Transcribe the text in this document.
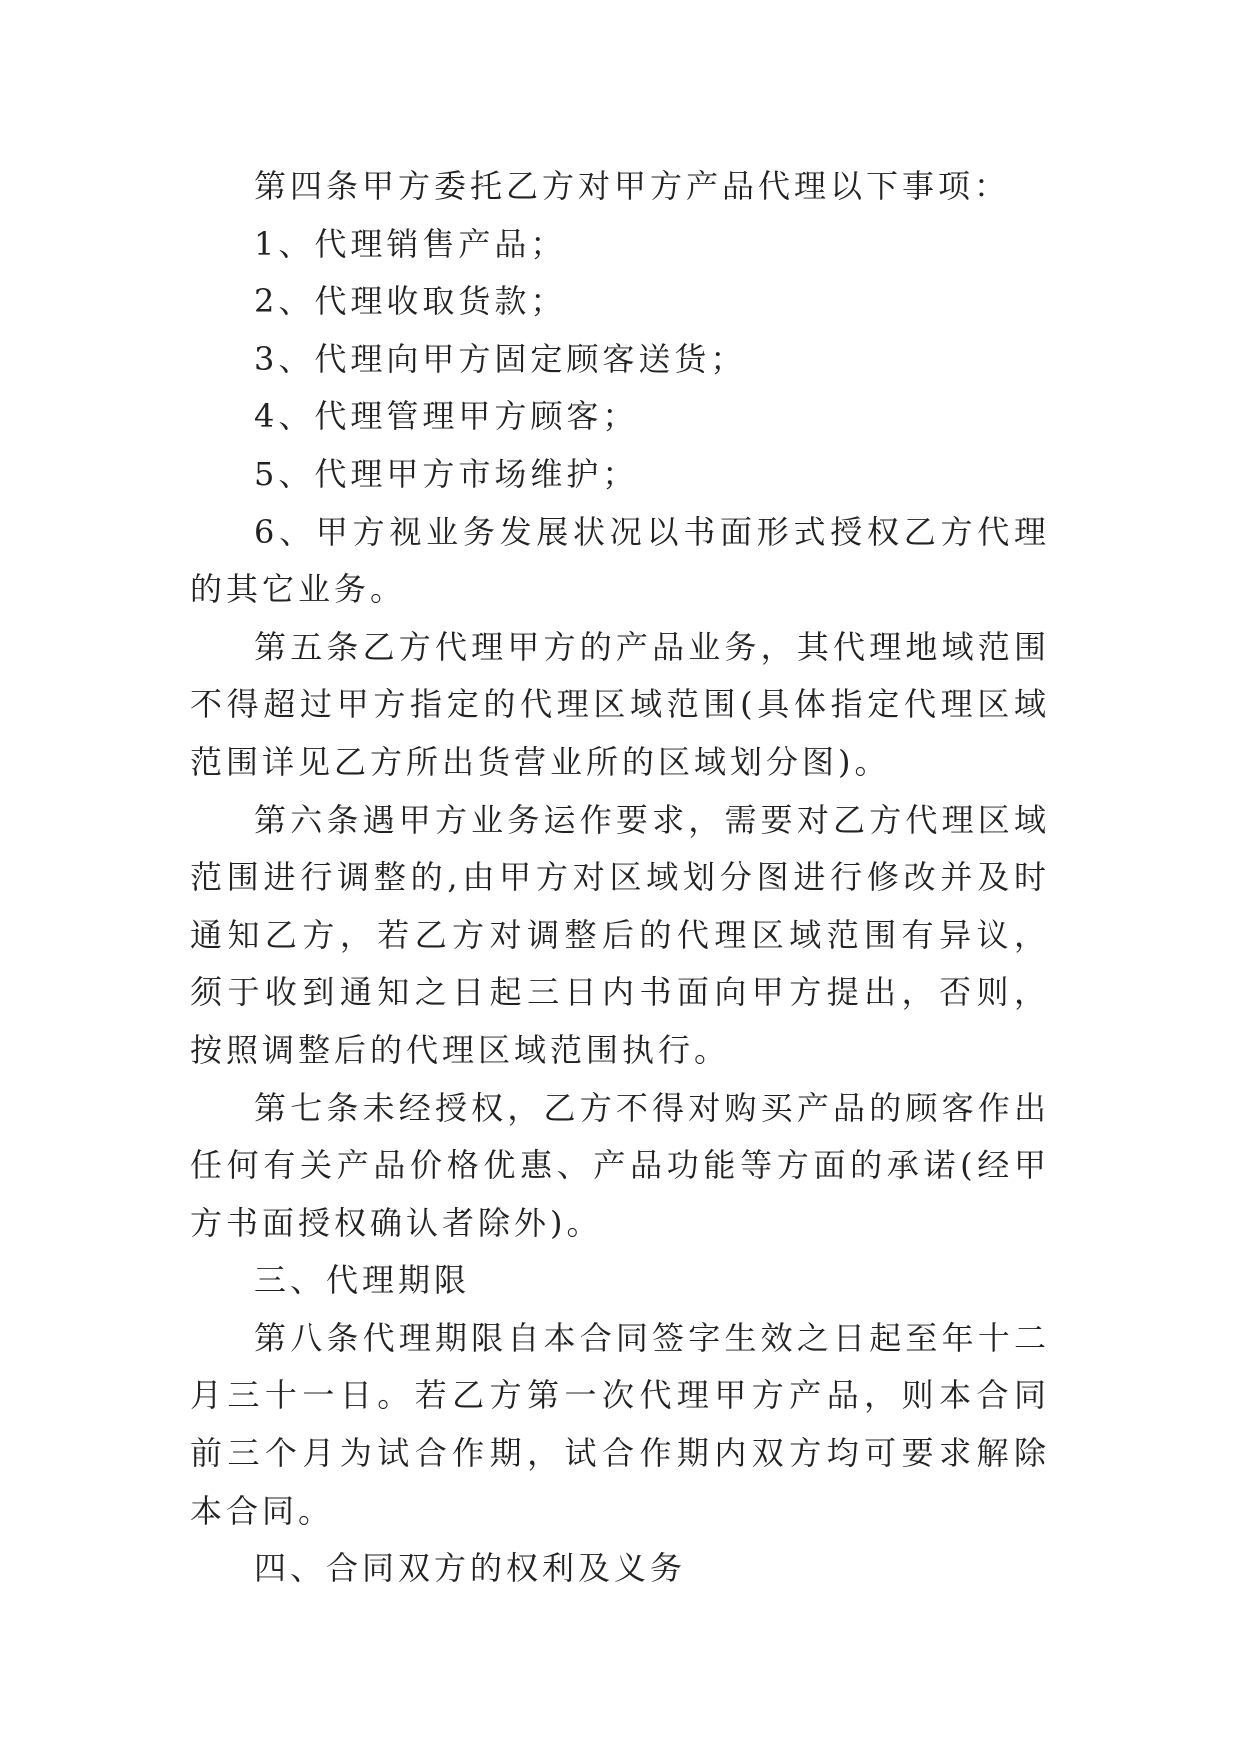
第四条甲方委托乙方对甲方产品代理以下事项：

1、代理销售产品；

2、代理收取货款；

3、代理向甲方固定顾客送货；

4、代理管理甲方顾客；

5、代理甲方市场维护；

6、甲方视业务发展状况以书面形式授权乙方代理的其它业务。

第五条乙方代理甲方的产品业务，其代理地域范围不得超过甲方指定的代理区域范围(具体指定代理区域范围详见乙方所出货营业所的区域划分图)。

第六条遇甲方业务运作要求，需要对乙方代理区域范围进行调整的,由甲方对区域划分图进行修改并及时通知乙方，若乙方对调整后的代理区域范围有异议，须于收到通知之日起三日内书面向甲方提出，否则，按照调整后的代理区域范围执行。

第七条未经授权，乙方不得对购买产品的顾客作出任何有关产品价格优惠、产品功能等方面的承诺(经甲方书面授权确认者除外)。

三、代理期限

第八条代理期限自本合同签字生效之日起至年十二月三十一日。若乙方第一次代理甲方产品，则本合同前三个月为试合作期，试合作期内双方均可要求解除本合同。

四、合同双方的权利及义务
